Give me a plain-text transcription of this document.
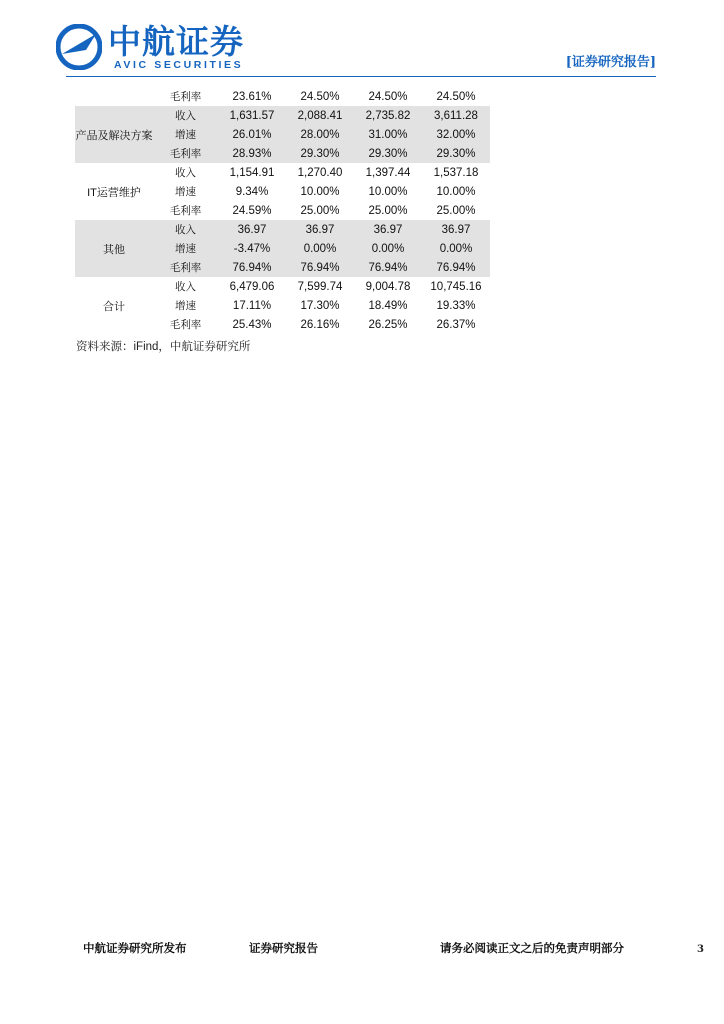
AVIC 中航证券
AVIC SECURITIES	[证券研究报告]
	毛利率	23.61%	24.50%	24.50%	24.50%
产品及解决方案	收入	1,631.57	2,088.41	2,735.82	3,611.28
	增速	26.01%	28.00%	31.00%	32.00%
	毛利率	28.93%	29.30%	29.30%	29.30%
IT运营维护	收入	1,154.91	1,270.40	1,397.44	1,537.18
	增速	9.34%	10.00%	10.00%	10.00%
	毛利率	24.59%	25.00%	25.00%	25.00%
其他	收入	36.97	36.97	36.97	36.97
	增速	-3.47%	0.00%	0.00%	0.00%
	毛利率	76.94%	76.94%	76.94%	76.94%
合计	收入	6,479.06	7,599.74	9,004.78	10,745.16
	增速	17.11%	17.30%	18.49%	19.33%
	毛利率	25.43%	26.16%	26.25%	26.37%
资料来源：iFind，中航证券研究所
中航证券研究所发布	证券研究报告	请务必阅读正文之后的免责声明部分	3
